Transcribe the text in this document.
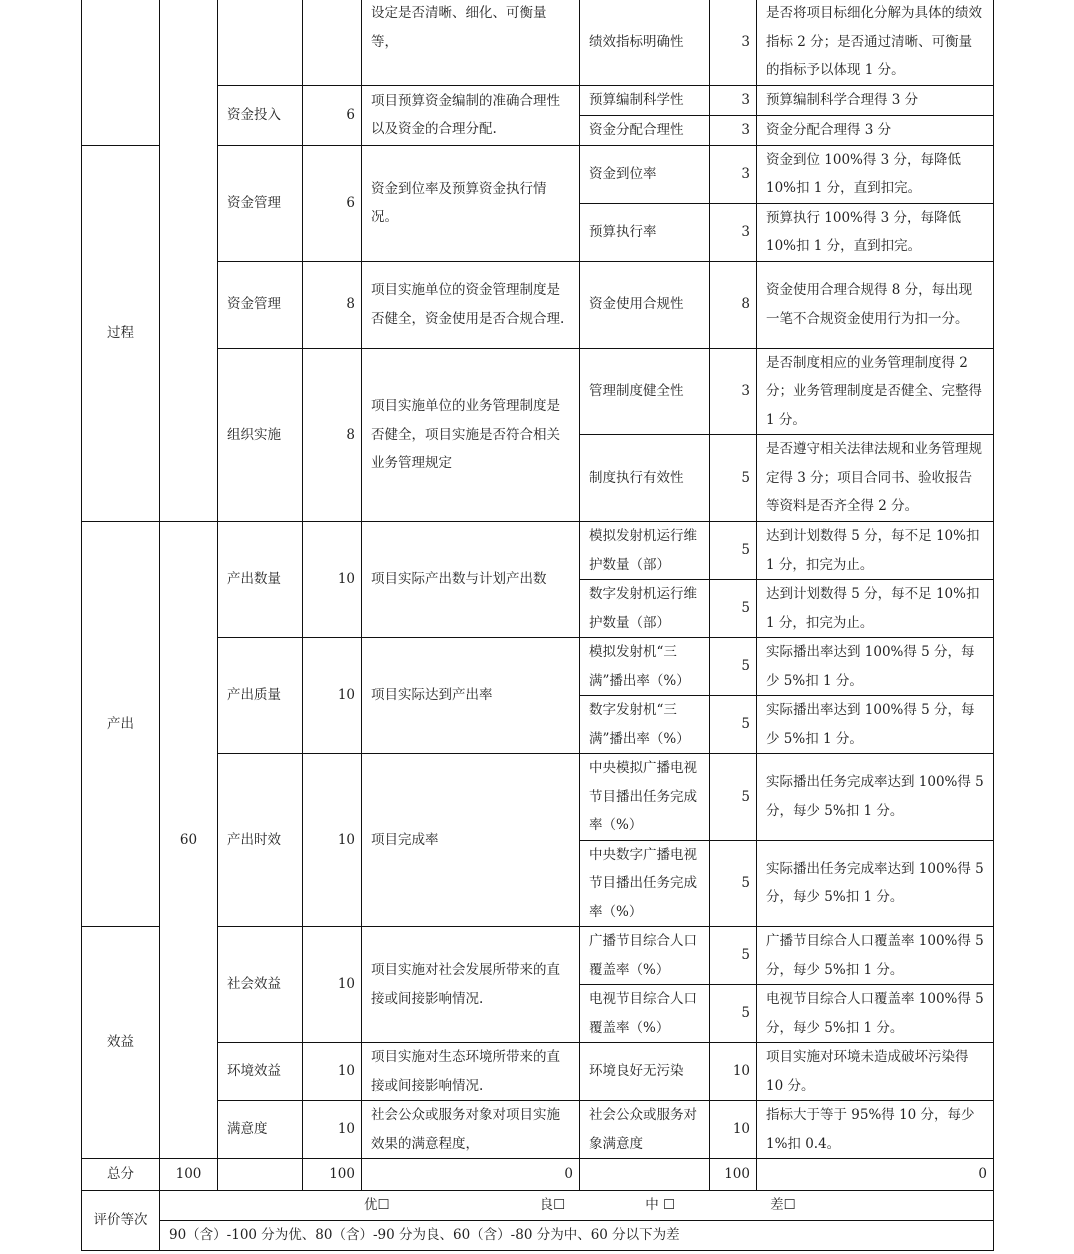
				设定是否清晰、细化、可衡量等，	绩效指标明确性	3	是否将项目标细化分解为具体的绩效指标 2 分；是否通过清晰、可衡量的指标予以体现 1 分。
		资金投入	6	项目预算资金编制的准确合理性以及资金的合理分配.	预算编制科学性	3	预算编制科学合理得 3 分
					资金分配合理性	3	资金分配合理得 3 分
过程		资金管理	6	资金到位率及预算资金执行情况。	资金到位率	3	资金到位 100%得 3 分，每降低 10%扣 1 分，直到扣完。
					预算执行率	3	预算执行 100%得 3 分，每降低 10%扣 1 分，直到扣完。
		资金管理	8	项目实施单位的资金管理制度是否健全，资金使用是否合规合理.	资金使用合规性	8	资金使用合理合规得 8 分，每出现一笔不合规资金使用行为扣一分。
		组织实施	8	项目实施单位的业务管理制度是否健全，项目实施是否符合相关业务管理规定	管理制度健全性	3	是否制度相应的业务管理制度得 2 分；业务管理制度是否健全、完整得 1 分。
					制度执行有效性	5	是否遵守相关法律法规和业务管理规定得 3 分；项目合同书、验收报告等资料是否齐全得 2 分。
产出	60	产出数量	10	项目实际产出数与计划产出数	模拟发射机运行维护数量（部）	5	达到计划数得 5 分，每不足 10%扣 1 分，扣完为止。
					数字发射机运行维护数量（部）	5	达到计划数得 5 分，每不足 10%扣 1 分，扣完为止。
		产出质量	10	项目实际达到产出率	模拟发射机“三满”播出率（%）	5	实际播出率达到 100%得 5 分，每少 5%扣 1 分。
					数字发射机“三满”播出率（%）	5	实际播出率达到 100%得 5 分，每少 5%扣 1 分。
		产出时效	10	项目完成率	中央模拟广播电视节目播出任务完成率（%）	5	实际播出任务完成率达到 100%得 5 分，每少 5%扣 1 分。
					中央数字广播电视节目播出任务完成率（%）	5	实际播出任务完成率达到 100%得 5 分，每少 5%扣 1 分。
效益		社会效益	10	项目实施对社会发展所带来的直接或间接影响情况.	广播节目综合人口覆盖率（%）	5	广播节目综合人口覆盖率 100%得 5 分，每少 5%扣 1 分。
					电视节目综合人口覆盖率（%）	5	电视节目综合人口覆盖率 100%得 5 分，每少 5%扣 1 分。
		环境效益	10	项目实施对生态环境所带来的直接或间接影响情况.	环境良好无污染	10	项目实施对环境未造成破坏污染得 10 分。
		满意度	10	社会公众或服务对象对项目实施效果的满意程度，	社会公众或服务对象满意度	10	指标大于等于 95%得 10 分，每少 1%扣 0.4。
总分	100		100	0		100	0
评价等次	优☐ 良☐ 中 ☐ 差☐						

	90（含）-100 分为优、80（含）-90 分为良、60（含）-80 分为中、60 分以下为差						
